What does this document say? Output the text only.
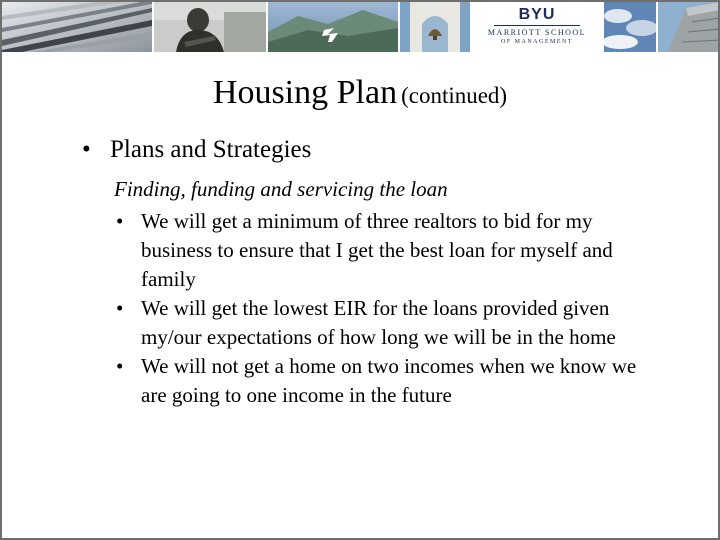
BYU
MARRIOTT SCHOOL
OF MANAGEMENT
Housing Plan (continued)
• Plans and Strategies
Finding, funding and servicing the loan
• We will get a minimum of three realtors to bid for my business to ensure that I get the best loan for myself and family
• We will get the lowest EIR for the loans provided given my/our expectations of how long we will be in the home
• We will not get a home on two incomes when we know we are going to one income in the future
